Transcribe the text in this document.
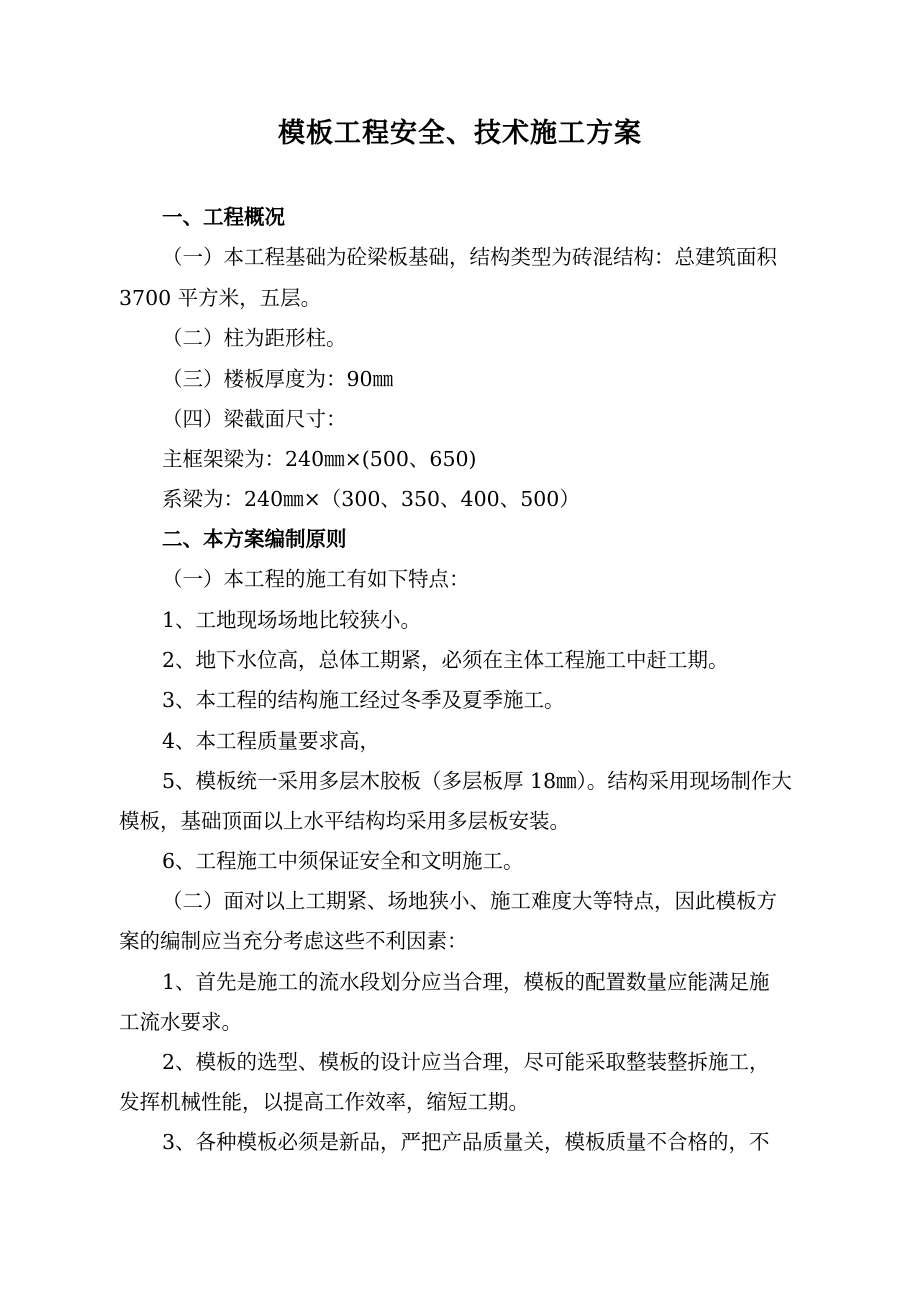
模板工程安全、技术施工方案
一、工程概况
（一）本工程基础为砼梁板基础，结构类型为砖混结构：总建筑面积
3700 平方米，五层。
（二）柱为距形柱。
（三）楼板厚度为：90㎜
（四）梁截面尺寸：
主框架梁为：240㎜×(500、650)
系梁为：240㎜×（300、350、400、500）
二、本方案编制原则
（一）本工程的施工有如下特点：
1、工地现场场地比较狭小。
2、地下水位高，总体工期紧，必须在主体工程施工中赶工期。
3、本工程的结构施工经过冬季及夏季施工。
4、本工程质量要求高，
5、模板统一采用多层木胶板（多层板厚 18㎜）。结构采用现场制作大
模板，基础顶面以上水平结构均采用多层板安装。
6、工程施工中须保证安全和文明施工。
（二）面对以上工期紧、场地狭小、施工难度大等特点，因此模板方
案的编制应当充分考虑这些不利因素：
1、首先是施工的流水段划分应当合理，模板的配置数量应能满足施
工流水要求。
2、模板的选型、模板的设计应当合理，尽可能采取整装整拆施工，
发挥机械性能，以提高工作效率，缩短工期。
3、各种模板必须是新品，严把产品质量关，模板质量不合格的，不
